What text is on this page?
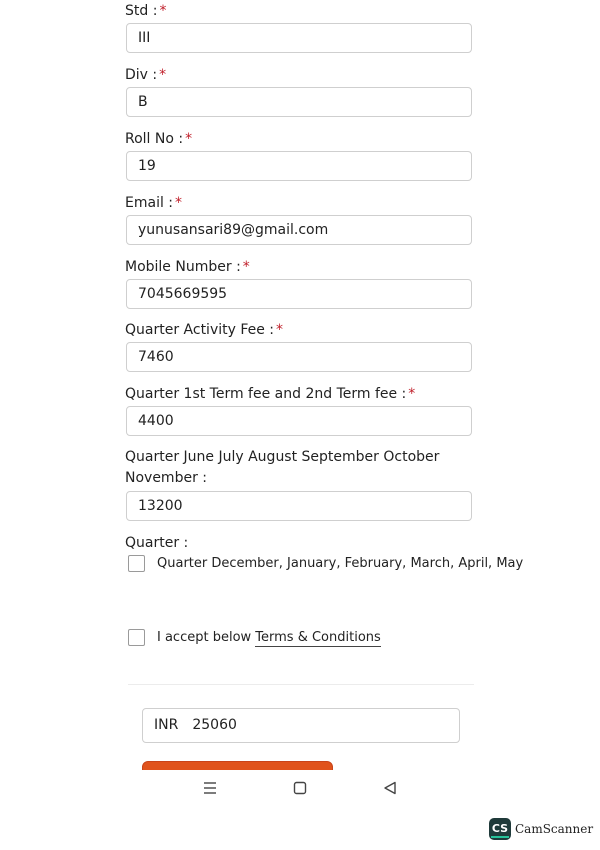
Std : *
III
Div : *
B
Roll No : *
19
Email : *
yunusansari89@gmail.com
Mobile Number : *
7045669595
Quarter Activity Fee : *
7460
Quarter 1st Term fee and 2nd Term fee : *
4400
Quarter June July August September October November :

13200
Quarter :
Quarter December, January, February, March, April, May
I accept below Terms & Conditions
INR 25060
CS CamScanner
